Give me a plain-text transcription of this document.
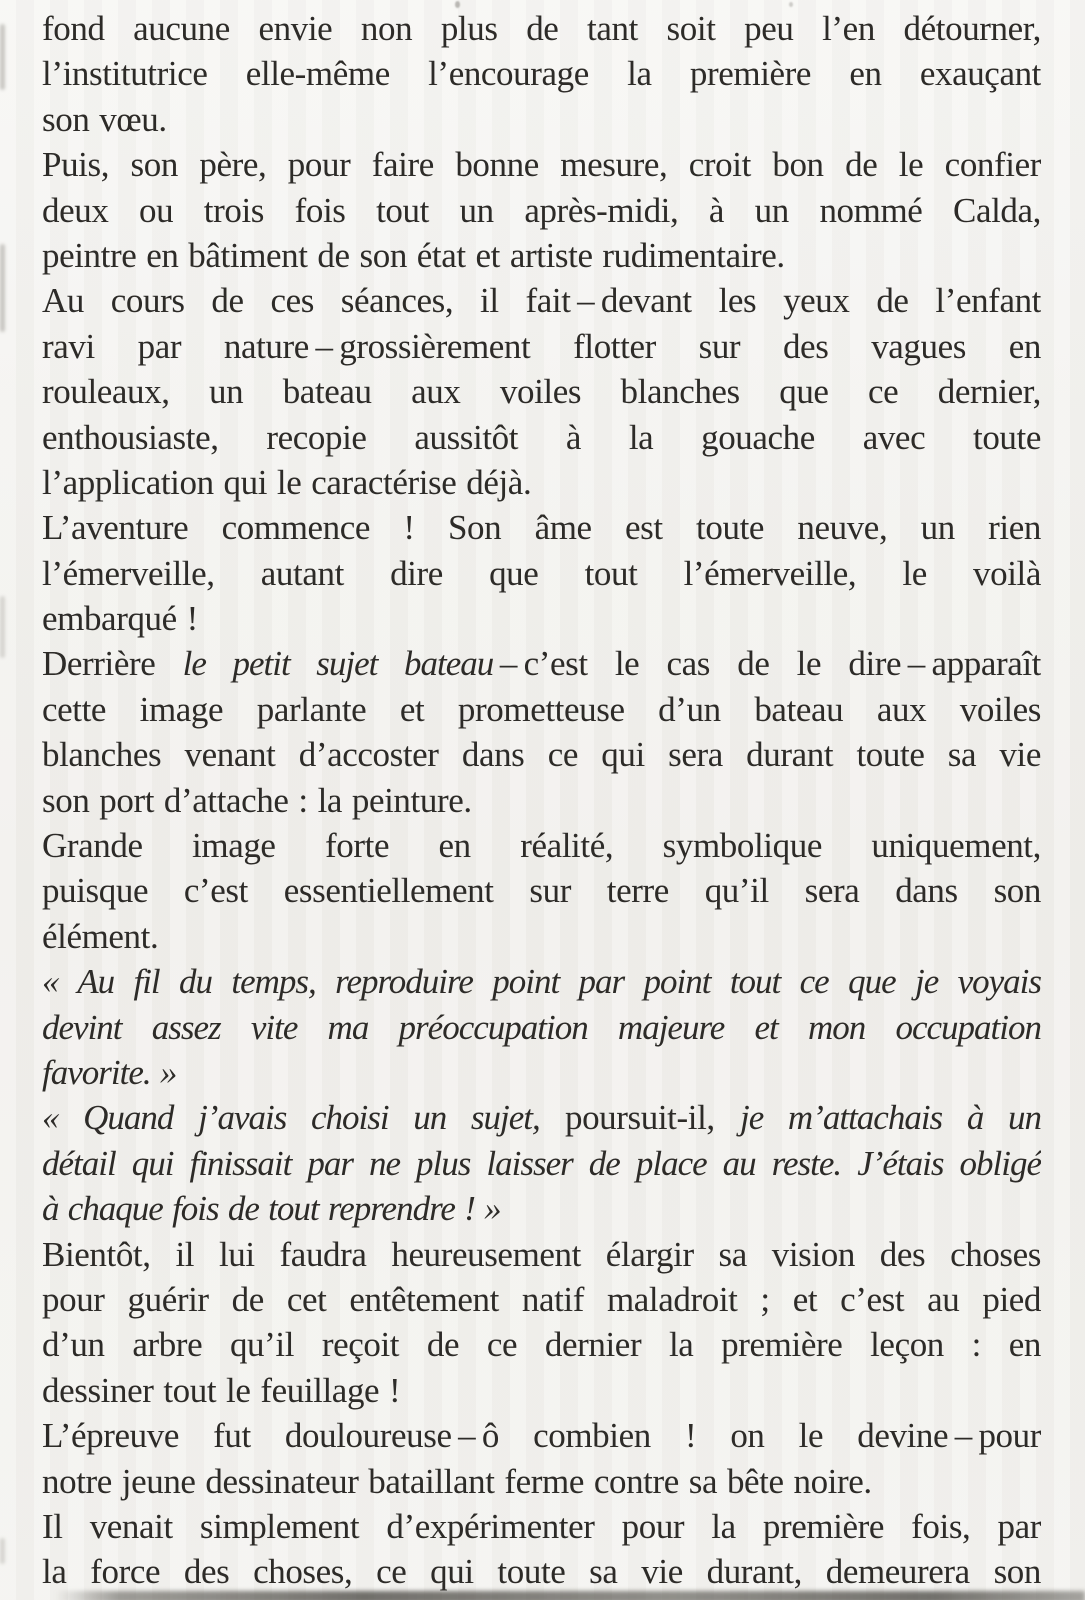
fond aucune envie non plus de tant soit peu l’en détourner,
l’institutrice elle-même l’encourage la première en exauçant
son vœu.
Puis, son père, pour faire bonne mesure, croit bon de le confier
deux ou trois fois tout un après-midi, à un nommé Calda,
peintre en bâtiment de son état et artiste rudimentaire.
Au cours de ces séances, il fait – devant les yeux de l’enfant
ravi par nature – grossièrement flotter sur des vagues en
rouleaux, un bateau aux voiles blanches que ce dernier,
enthousiaste, recopie aussitôt à la gouache avec toute
l’application qui le caractérise déjà.
L’aventure commence ! Son âme est toute neuve, un rien
l’émerveille, autant dire que tout l’émerveille, le voilà
embarqué !
Derrière le petit sujet bateau – c’est le cas de le dire – apparaît
cette image parlante et prometteuse d’un bateau aux voiles
blanches venant d’accoster dans ce qui sera durant toute sa vie
son port d’attache : la peinture.
Grande image forte en réalité, symbolique uniquement,
puisque c’est essentiellement sur terre qu’il sera dans son
élément.
« Au fil du temps, reproduire point par point tout ce que je voyais
devint assez vite ma préoccupation majeure et mon occupation
favorite. »
« Quand j’avais choisi un sujet, poursuit-il, je m’attachais à un
détail qui finissait par ne plus laisser de place au reste. J’étais obligé
à chaque fois de tout reprendre ! »
Bientôt, il lui faudra heureusement élargir sa vision des choses
pour guérir de cet entêtement natif maladroit ; et c’est au pied
d’un arbre qu’il reçoit de ce dernier la première leçon : en
dessiner tout le feuillage !
L’épreuve fut douloureuse – ô combien ! on le devine – pour
notre jeune dessinateur bataillant ferme contre sa bête noire.
Il venait simplement d’expérimenter pour la première fois, par
la force des choses, ce qui toute sa vie durant, demeurera son
